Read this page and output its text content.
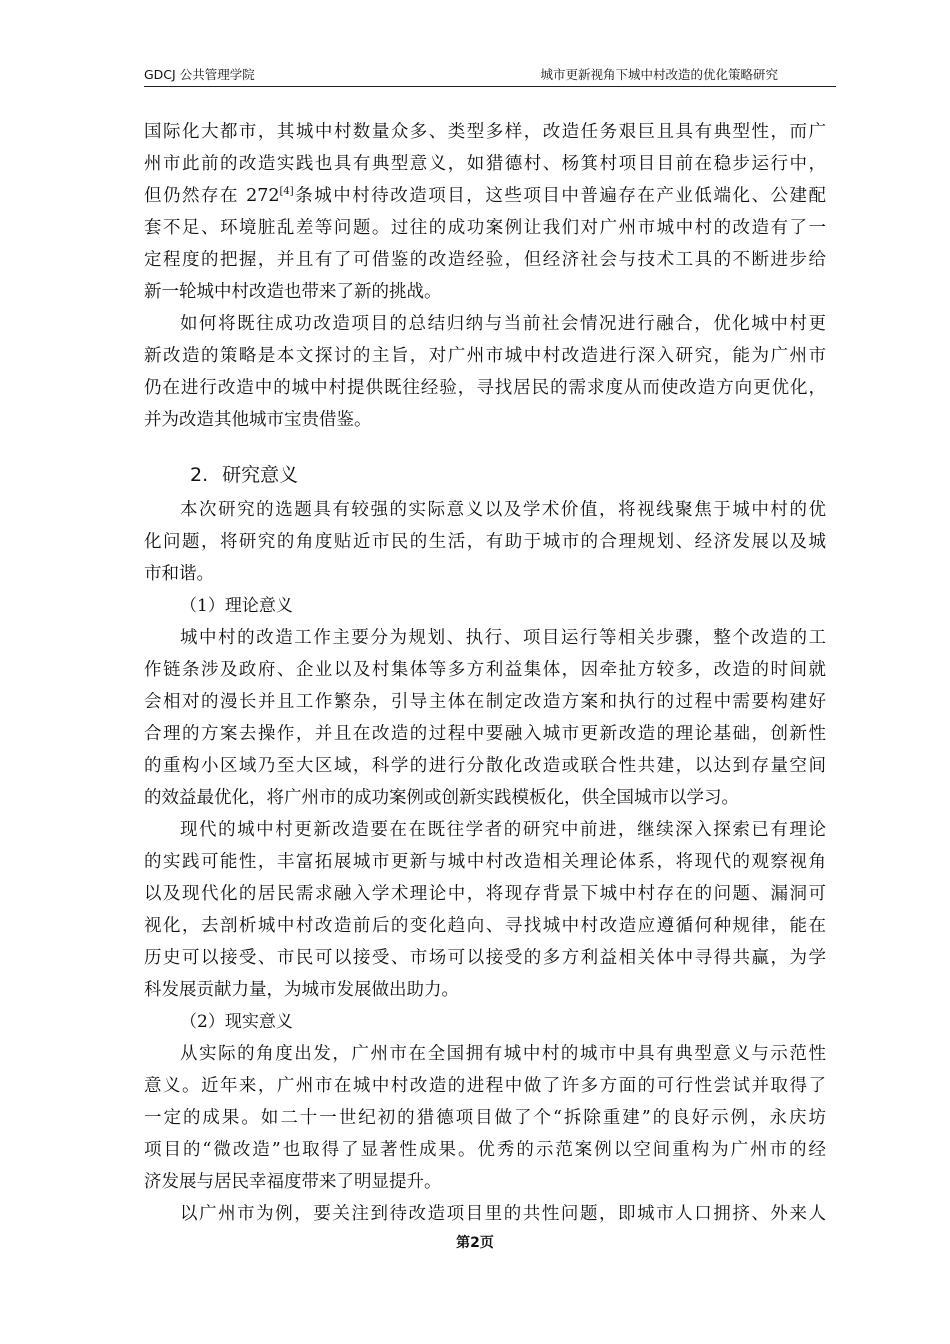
GDCJ 公共管理学院	城市更新视角下城中村改造的优化策略研究
国际化大都市，其城中村数量众多、类型多样，改造任务艰巨且具有典型性，而广
州市此前的改造实践也具有典型意义，如猎德村、杨箕村项目目前在稳步运行中，
但仍然存在 272[4]条城中村待改造项目，这些项目中普遍存在产业低端化、公建配
套不足、环境脏乱差等问题。过往的成功案例让我们对广州市城中村的改造有了一
定程度的把握，并且有了可借鉴的改造经验，但经济社会与技术工具的不断进步给
新一轮城中村改造也带来了新的挑战。
如何将既往成功改造项目的总结归纳与当前社会情况进行融合，优化城中村更
新改造的策略是本文探讨的主旨，对广州市城中村改造进行深入研究，能为广州市
仍在进行改造中的城中村提供既往经验，寻找居民的需求度从而使改造方向更优化，
并为改造其他城市宝贵借鉴。
2. 研究意义
本次研究的选题具有较强的实际意义以及学术价值，将视线聚焦于城中村的优
化问题，将研究的角度贴近市民的生活，有助于城市的合理规划、经济发展以及城
市和谐。
（1）理论意义
城中村的改造工作主要分为规划、执行、项目运行等相关步骤，整个改造的工
作链条涉及政府、企业以及村集体等多方利益集体，因牵扯方较多，改造的时间就
会相对的漫长并且工作繁杂，引导主体在制定改造方案和执行的过程中需要构建好
合理的方案去操作，并且在改造的过程中要融入城市更新改造的理论基础，创新性
的重构小区域乃至大区域，科学的进行分散化改造或联合性共建，以达到存量空间
的效益最优化，将广州市的成功案例或创新实践模板化，供全国城市以学习。
现代的城中村更新改造要在在既往学者的研究中前进，继续深入探索已有理论
的实践可能性，丰富拓展城市更新与城中村改造相关理论体系，将现代的观察视角
以及现代化的居民需求融入学术理论中，将现存背景下城中村存在的问题、漏洞可
视化，去剖析城中村改造前后的变化趋向、寻找城中村改造应遵循何种规律，能在
历史可以接受、市民可以接受、市场可以接受的多方利益相关体中寻得共赢，为学
科发展贡献力量，为城市发展做出助力。
（2）现实意义
从实际的角度出发，广州市在全国拥有城中村的城市中具有典型意义与示范性
意义。近年来，广州市在城中村改造的进程中做了许多方面的可行性尝试并取得了
一定的成果。如二十一世纪初的猎德项目做了个“拆除重建”的良好示例，永庆坊
项目的“微改造”也取得了显著性成果。优秀的示范案例以空间重构为广州市的经
济发展与居民幸福度带来了明显提升。
以广州市为例，要关注到待改造项目里的共性问题，即城市人口拥挤、外来人
第2页
